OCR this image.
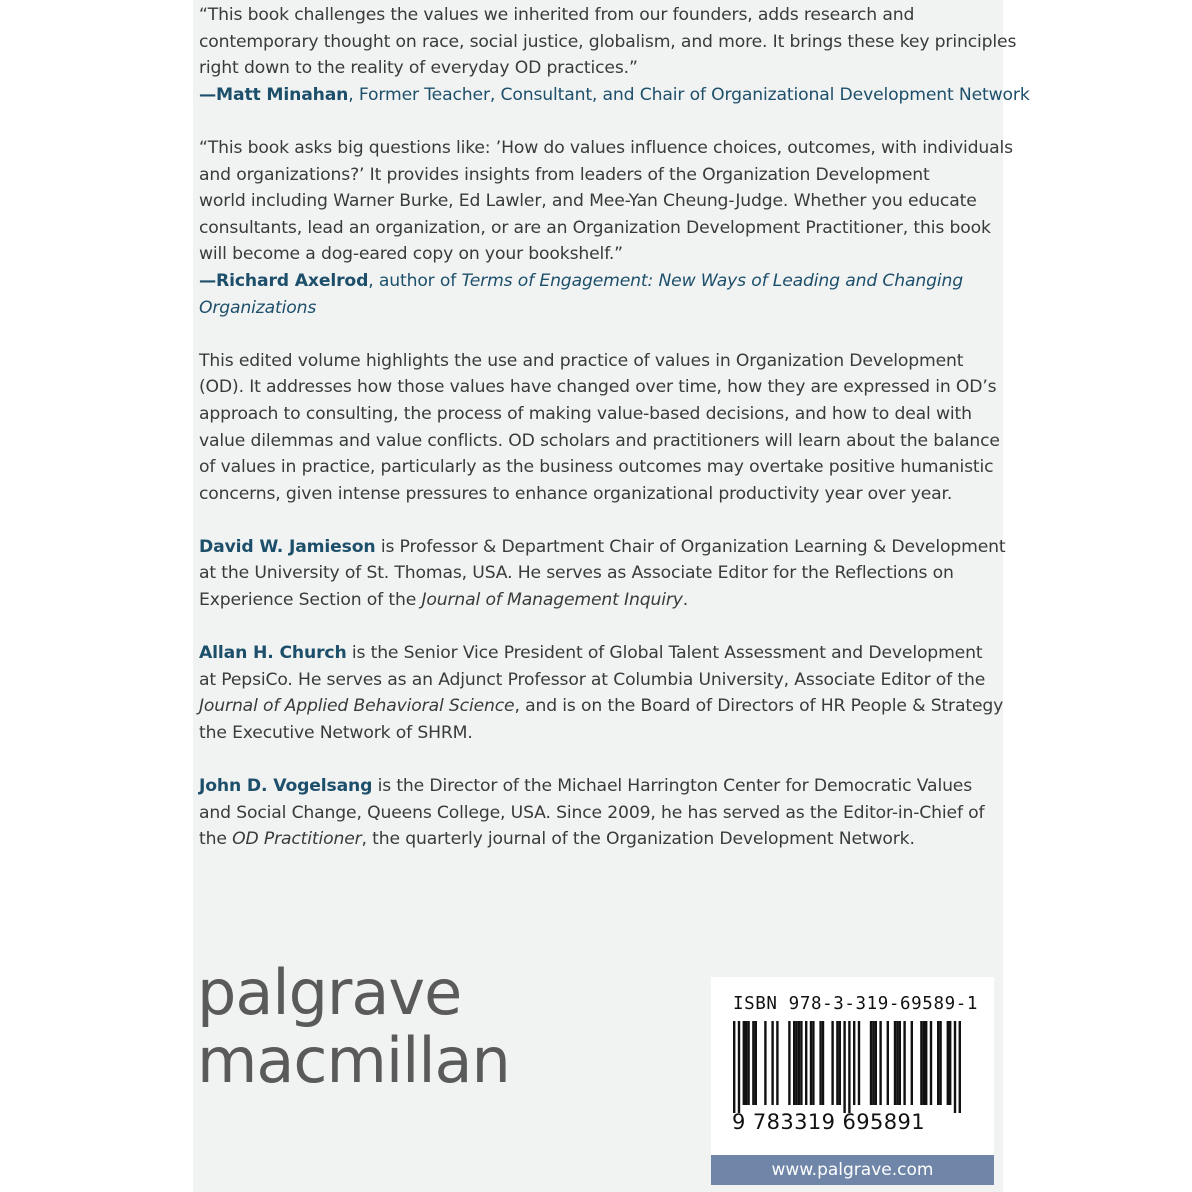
“This book challenges the values we inherited from our founders, adds research and
contemporary thought on race, social justice, globalism, and more. It brings these key principles
right down to the reality of everyday OD practices.”
—Matt Minahan, Former Teacher, Consultant, and Chair of Organizational Development Network
“This book asks big questions like: ’How do values influence choices, outcomes, with individuals
and organizations?’ It provides insights from leaders of the Organization Development
world including Warner Burke, Ed Lawler, and Mee-Yan Cheung-Judge. Whether you educate
consultants, lead an organization, or are an Organization Development Practitioner, this book
will become a dog-eared copy on your bookshelf.”
—Richard Axelrod, author of Terms of Engagement: New Ways of Leading and Changing
Organizations
This edited volume highlights the use and practice of values in Organization Development
(OD). It addresses how those values have changed over time, how they are expressed in OD’s
approach to consulting, the process of making value-based decisions, and how to deal with
value dilemmas and value conflicts. OD scholars and practitioners will learn about the balance
of values in practice, particularly as the business outcomes may overtake positive humanistic
concerns, given intense pressures to enhance organizational productivity year over year.
David W. Jamieson is Professor & Department Chair of Organization Learning & Development
at the University of St. Thomas, USA. He serves as Associate Editor for the Reflections on
Experience Section of the Journal of Management Inquiry.
Allan H. Church is the Senior Vice President of Global Talent Assessment and Development
at PepsiCo. He serves as an Adjunct Professor at Columbia University, Associate Editor of the
Journal of Applied Behavioral Science, and is on the Board of Directors of HR People & Strategy
the Executive Network of SHRM.
John D. Vogelsang is the Director of the Michael Harrington Center for Democratic Values
and Social Change, Queens College, USA. Since 2009, he has served as the Editor-in-Chief of
the OD Practitioner, the quarterly journal of the Organization Development Network.
palgrave
macmillan
ISBN 978-3-319-69589-1
9 783319 695891
www.palgrave.com
